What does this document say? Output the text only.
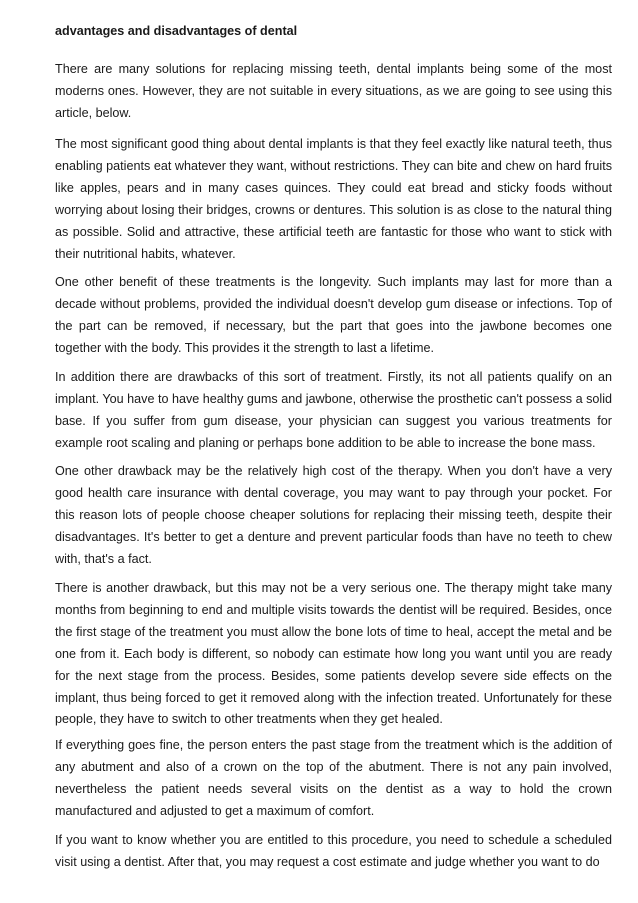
advantages and disadvantages of dental

There are many solutions for replacing missing teeth, dental implants being some of the most moderns ones. However, they are not suitable in every situations, as we are going to see using this article, below.

The most significant good thing about dental implants is that they feel exactly like natural teeth, thus enabling patients eat whatever they want, without restrictions. They can bite and chew on hard fruits like apples, pears and in many cases quinces. They could eat bread and sticky foods without worrying about losing their bridges, crowns or dentures. This solution is as close to the natural thing as possible. Solid and attractive, these artificial teeth are fantastic for those who want to stick with their nutritional habits, whatever.

One other benefit of these treatments is the longevity. Such implants may last for more than a decade without problems, provided the individual doesn't develop gum disease or infections. Top of the part can be removed, if necessary, but the part that goes into the jawbone becomes one together with the body. This provides it the strength to last a lifetime.

In addition there are drawbacks of this sort of treatment. Firstly, its not all patients qualify on an implant. You have to have healthy gums and jawbone, otherwise the prosthetic can't possess a solid base. If you suffer from gum disease, your physician can suggest you various treatments for example root scaling and planing or perhaps bone addition to be able to increase the bone mass.

One other drawback may be the relatively high cost of the therapy. When you don't have a very good health care insurance with dental coverage, you may want to pay through your pocket. For this reason lots of people choose cheaper solutions for replacing their missing teeth, despite their disadvantages. It's better to get a denture and prevent particular foods than have no teeth to chew with, that's a fact.

There is another drawback, but this may not be a very serious one. The therapy might take many months from beginning to end and multiple visits towards the dentist will be required. Besides, once the first stage of the treatment you must allow the bone lots of time to heal, accept the metal and be one from it. Each body is different, so nobody can estimate how long you want until you are ready for the next stage from the process. Besides, some patients develop severe side effects on the implant, thus being forced to get it removed along with the infection treated. Unfortunately for these people, they have to switch to other treatments when they get healed.

If everything goes fine, the person enters the past stage from the treatment which is the addition of any abutment and also of a crown on the top of the abutment. There is not any pain involved, nevertheless the patient needs several visits on the dentist as a way to hold the crown manufactured and adjusted to get a maximum of comfort.

If you want to know whether you are entitled to this procedure, you need to schedule a scheduled visit using a dentist. After that, you may request a cost estimate and judge whether you want to do
